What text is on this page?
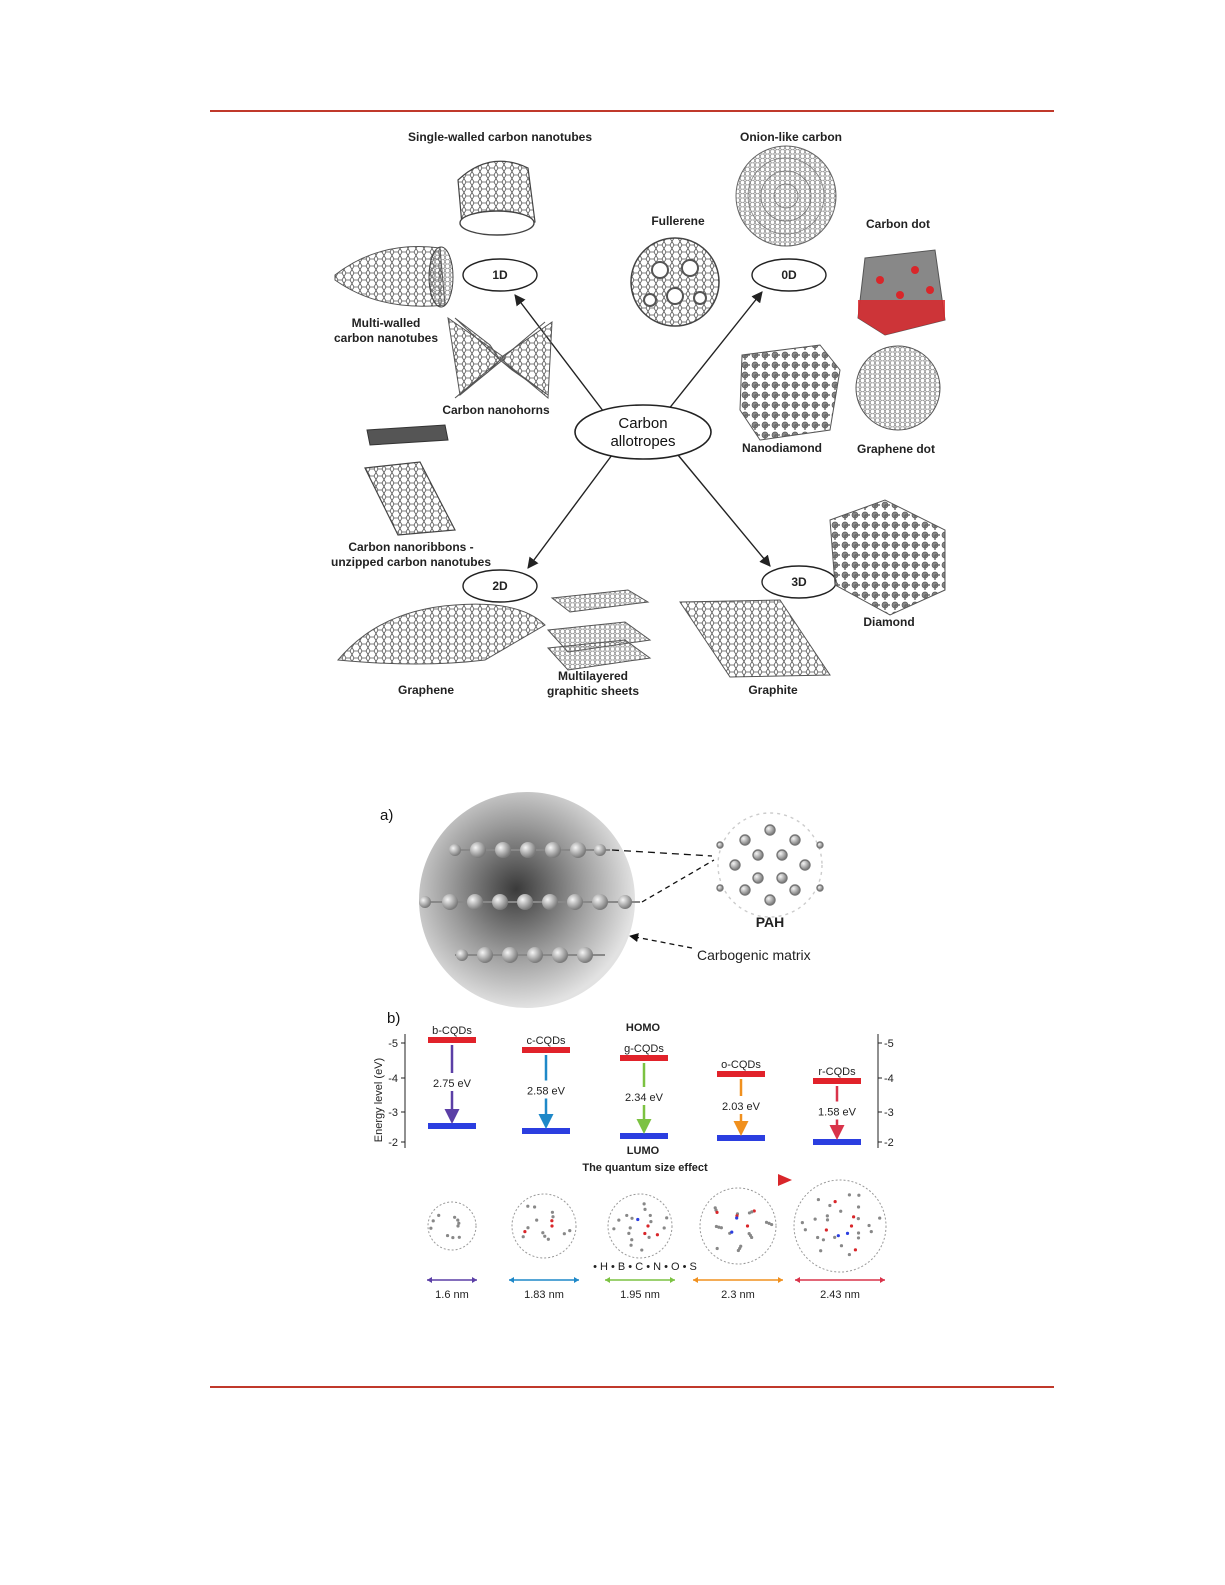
Carbon
allotropes
1D	0D
2D	3D
Single-walled carbon nanotubes	Onion-like carbon
Fullerene	Carbon dot
Multi-walled
carbon nanotubes
Carbon nanohorns
Nanodiamond	Graphene dot
Carbon nanoribbons -
unzipped carbon nanotubes
Diamond
Graphene
Multilayered
graphitic sheets	Graphite
a)
PAH
Carbogenic matrix
b)
Energy level (eV)
-5
-4
-3
-2
-5
-4
-3
-2
HOMO
LUMO
b-CQDs
2.75 eV
c-CQDs
2.58 eV
g-CQDs
2.34 eV
o-CQDs
2.03 eV
r-CQDs
1.58 eV
The quantum size effect
• H • B • C • N • O • S
1.6 nm	1.83 nm	1.95 nm	2.3 nm	2.43 nm
